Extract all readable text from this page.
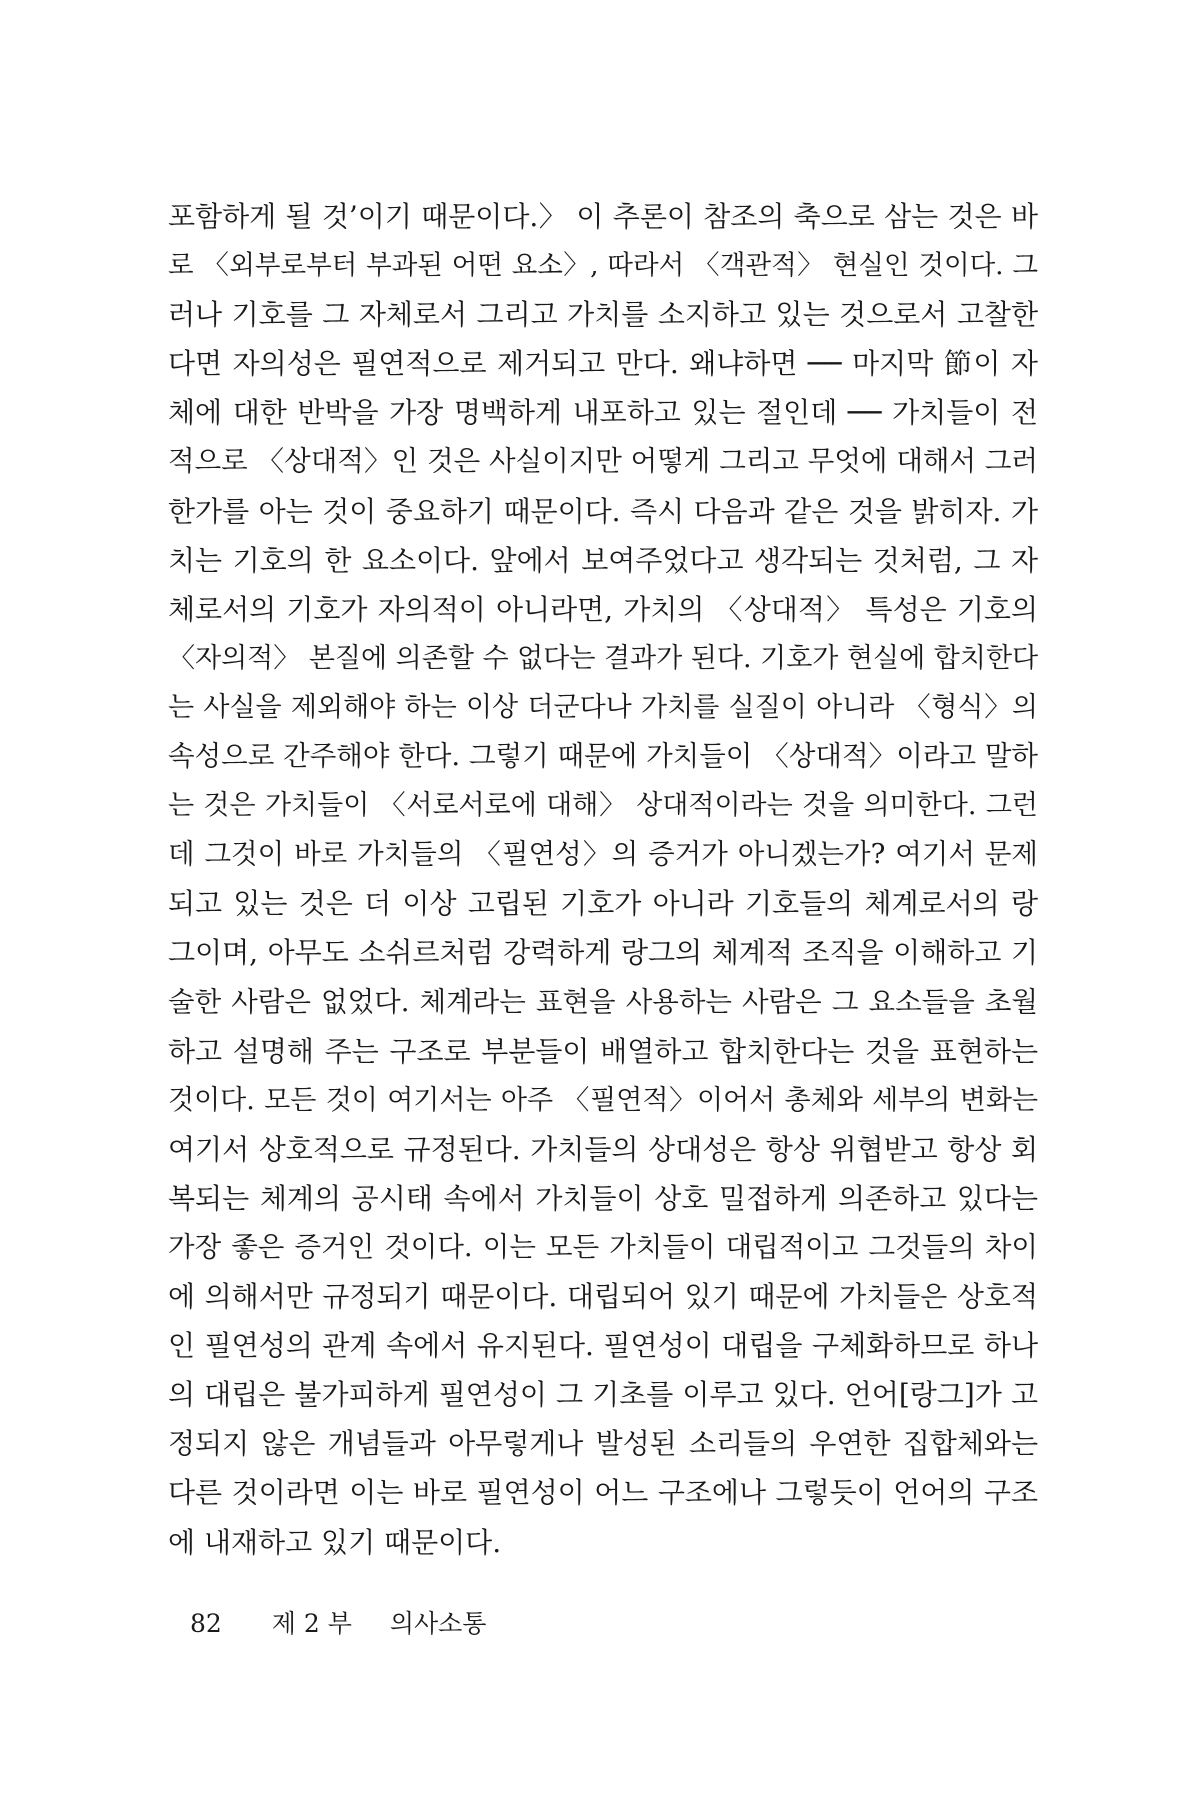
포함하게 될 것’이기 때문이다.〉 이 추론이 참조의 축으로 삼는 것은 바
로 〈외부로부터 부과된 어떤 요소〉, 따라서 〈객관적〉 현실인 것이다. 그
러나 기호를 그 자체로서 그리고 가치를 소지하고 있는 것으로서 고찰한
다면 자의성은 필연적으로 제거되고 만다. 왜냐하면 ── 마지막 節이 자
체에 대한 반박을 가장 명백하게 내포하고 있는 절인데 ── 가치들이 전
적으로 〈상대적〉인 것은 사실이지만 어떻게 그리고 무엇에 대해서 그러
한가를 아는 것이 중요하기 때문이다. 즉시 다음과 같은 것을 밝히자. 가
치는 기호의 한 요소이다. 앞에서 보여주었다고 생각되는 것처럼, 그 자
체로서의 기호가 자의적이 아니라면, 가치의 〈상대적〉 특성은 기호의
〈자의적〉 본질에 의존할 수 없다는 결과가 된다. 기호가 현실에 합치한다
는 사실을 제외해야 하는 이상 더군다나 가치를 실질이 아니라 〈형식〉의
속성으로 간주해야 한다. 그렇기 때문에 가치들이 〈상대적〉이라고 말하
는 것은 가치들이 〈서로서로에 대해〉 상대적이라는 것을 의미한다. 그런
데 그것이 바로 가치들의 〈필연성〉의 증거가 아니겠는가? 여기서 문제
되고 있는 것은 더 이상 고립된 기호가 아니라 기호들의 체계로서의 랑
그이며, 아무도 소쉬르처럼 강력하게 랑그의 체계적 조직을 이해하고 기
술한 사람은 없었다. 체계라는 표현을 사용하는 사람은 그 요소들을 초월
하고 설명해 주는 구조로 부분들이 배열하고 합치한다는 것을 표현하는
것이다. 모든 것이 여기서는 아주 〈필연적〉이어서 총체와 세부의 변화는
여기서 상호적으로 규정된다. 가치들의 상대성은 항상 위협받고 항상 회
복되는 체계의 공시태 속에서 가치들이 상호 밀접하게 의존하고 있다는
가장 좋은 증거인 것이다. 이는 모든 가치들이 대립적이고 그것들의 차이
에 의해서만 규정되기 때문이다. 대립되어 있기 때문에 가치들은 상호적
인 필연성의 관계 속에서 유지된다. 필연성이 대립을 구체화하므로 하나
의 대립은 불가피하게 필연성이 그 기초를 이루고 있다. 언어[랑그]가 고
정되지 않은 개념들과 아무렇게나 발성된 소리들의 우연한 집합체와는
다른 것이라면 이는 바로 필연성이 어느 구조에나 그렇듯이 언어의 구조
에 내재하고 있기 때문이다.
82 제 2 부 의사소통
